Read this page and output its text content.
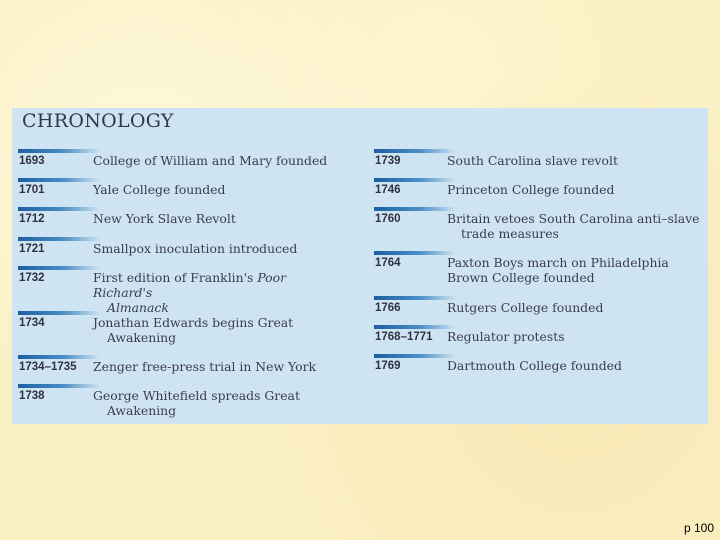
CHRONOLOGY
1693	College of William and Mary founded
1701	Yale College founded
1712	New York Slave Revolt
1721	Smallpox inoculation introduced
1732	First edition of Franklin's Poor Richard's
Almanack
1734	Jonathan Edwards begins Great
Awakening
1734–1735 Zenger free-press trial in New York
1738	George Whitefield spreads Great
Awakening
1739	South Carolina slave revolt
1746	Princeton College founded
1760	Britain vetoes South Carolina anti–slave
trade measures
1764	Paxton Boys march on Philadelphia
Brown College founded
1766	Rutgers College founded
1768–1771 Regulator protests
1769	Dartmouth College founded
p 100
